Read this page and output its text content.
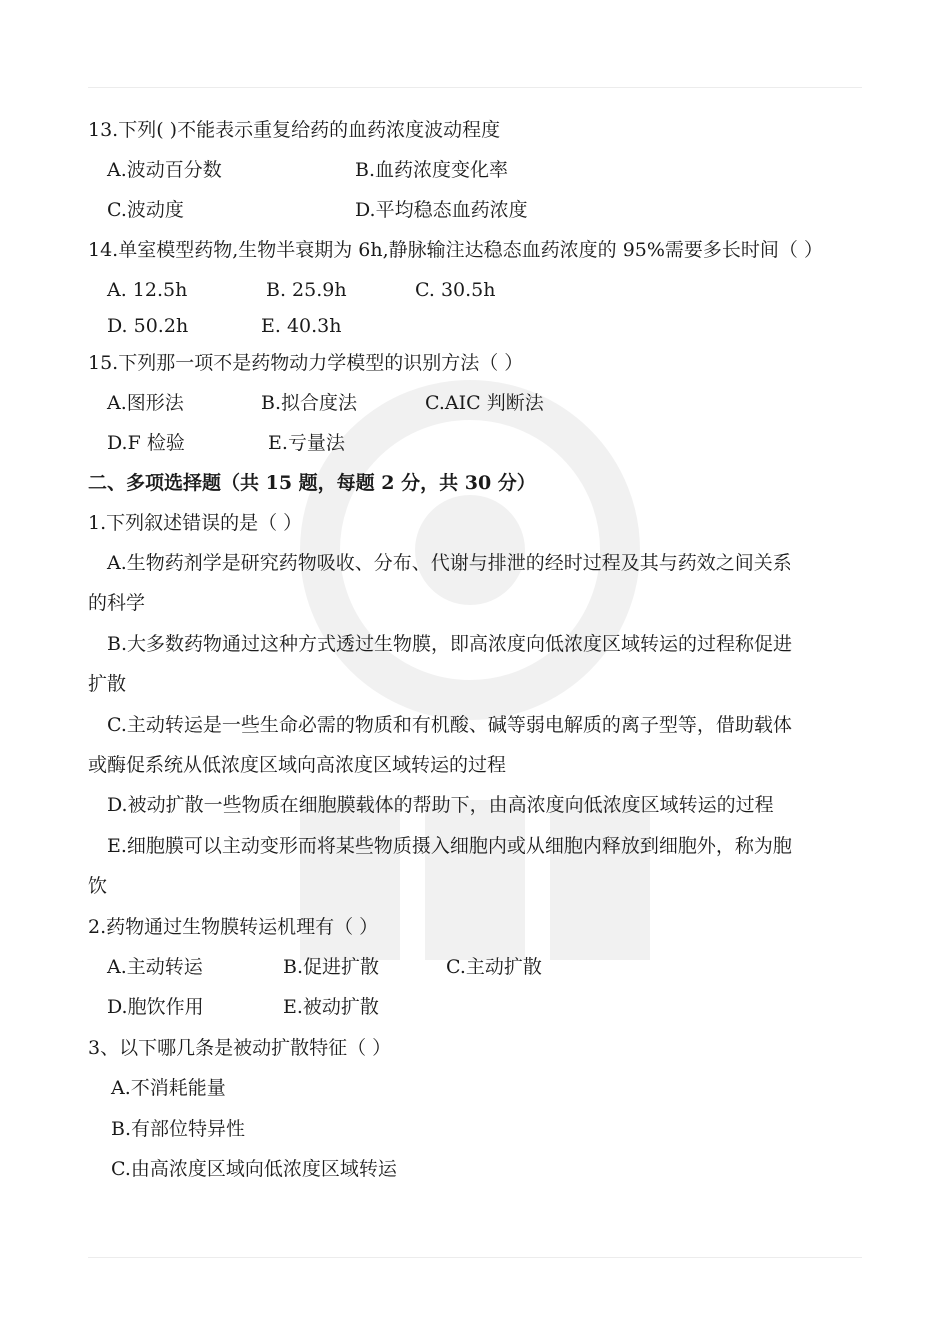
13.下列( )不能表示重复给药的血药浓度波动程度
A.波动百分数	B.血药浓度变化率
C.波动度	D.平均稳态血药浓度
14.单室模型药物,生物半衰期为 6h,静脉输注达稳态血药浓度的 95%需要多长时间（ ）
A. 12.5h	B. 25.9h	C. 30.5h
D. 50.2h	E. 40.3h
15.下列那一项不是药物动力学模型的识别方法（ ）
A.图形法	B.拟合度法	C.AIC 判断法
D.F 检验	E.亏量法
二、多项选择题（共 15 题，每题 2 分，共 30 分）
1.下列叙述错误的是（ ）
A.生物药剂学是研究药物吸收、分布、代谢与排泄的经时过程及其与药效之间关系
的科学
B.大多数药物通过这种方式透过生物膜，即高浓度向低浓度区域转运的过程称促进
扩散
C.主动转运是一些生命必需的物质和有机酸、碱等弱电解质的离子型等，借助载体
或酶促系统从低浓度区域向高浓度区域转运的过程
D.被动扩散一些物质在细胞膜载体的帮助下，由高浓度向低浓度区域转运的过程
E.细胞膜可以主动变形而将某些物质摄入细胞内或从细胞内释放到细胞外，称为胞
饮
2.药物通过生物膜转运机理有（ ）
A.主动转运	B.促进扩散	C.主动扩散
D.胞饮作用	E.被动扩散
3、以下哪几条是被动扩散特征（ ）
A.不消耗能量
B.有部位特异性
C.由高浓度区域向低浓度区域转运
